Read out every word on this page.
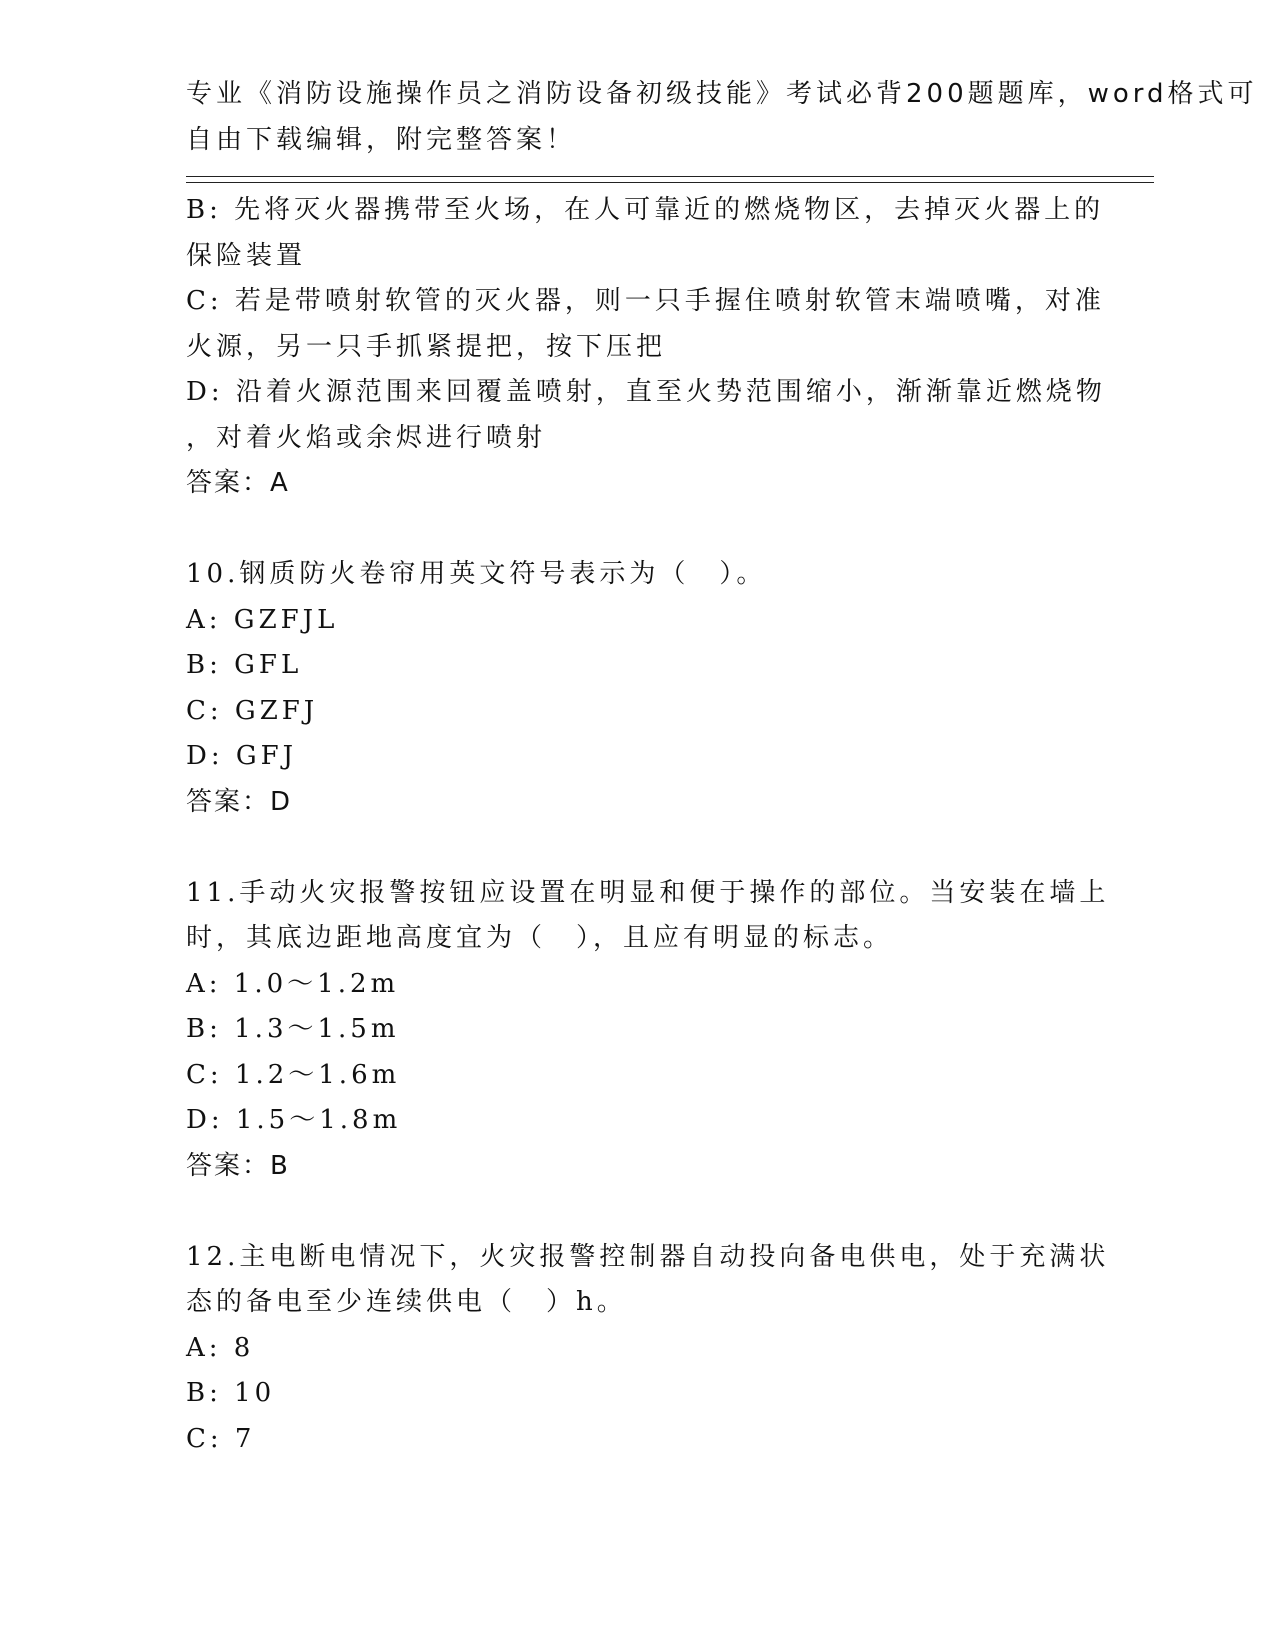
专业《消防设施操作员之消防设备初级技能》考试必背200题题库，word格式可
自由下载编辑，附完整答案！
B: 先将灭火器携带至火场，在人可靠近的燃烧物区，去掉灭火器上的
保险装置
C: 若是带喷射软管的灭火器，则一只手握住喷射软管末端喷嘴，对准
火源，另一只手抓紧提把，按下压把
D: 沿着火源范围来回覆盖喷射，直至火势范围缩小，渐渐靠近燃烧物
，对着火焰或余烬进行喷射
答案：A
10.钢质防火卷帘用英文符号表示为（　）。
A: GZFJL
B: GFL
C: GZFJ
D: GFJ
答案：D
11.手动火灾报警按钮应设置在明显和便于操作的部位。当安装在墙上
时，其底边距地高度宜为（　），且应有明显的标志。
A: 1.0～1.2m
B: 1.3～1.5m
C: 1.2～1.6m
D: 1.5～1.8m
答案：B
12.主电断电情况下，火灾报警控制器自动投向备电供电，处于充满状
态的备电至少连续供电（　）h。
A: 8
B: 10
C: 7
